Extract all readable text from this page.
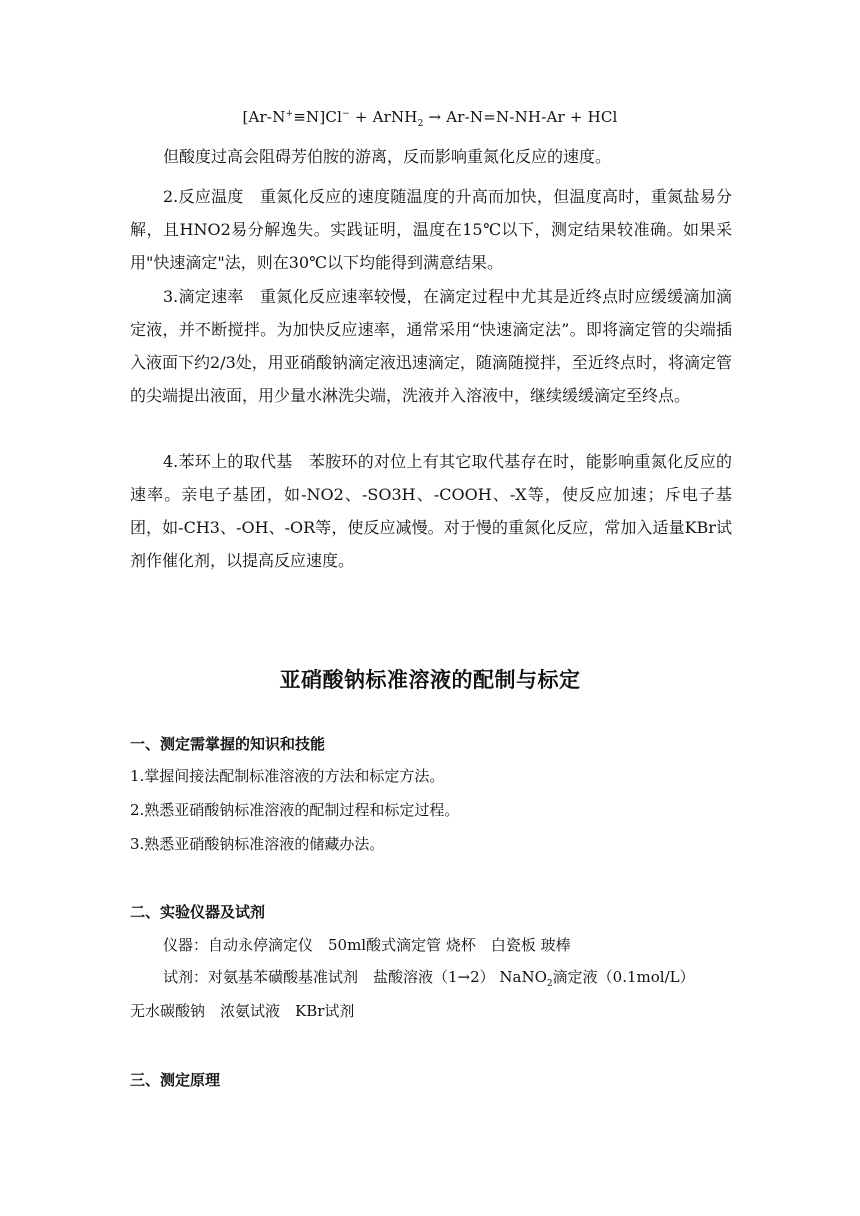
[Ar-N+≡N]Cl− + ArNH$_2$ → Ar-N=N-NH-Ar + HCl
但酸度过高会阻碍芳伯胺的游离，反而影响重氮化反应的速度。
2.反应温度 重氮化反应的速度随温度的升高而加快，但温度高时，重氮盐易分解，且HNO2易分解逸失。实践证明，温度在15℃以下，测定结果较准确。如果采用"快速滴定"法，则在30℃以下均能得到满意结果。
3.滴定速率 重氮化反应速率较慢，在滴定过程中尤其是近终点时应缓缓滴加滴定液，并不断搅拌。为加快反应速率，通常采用“快速滴定法”。即将滴定管的尖端插入液面下约2/3处，用亚硝酸钠滴定液迅速滴定，随滴随搅拌，至近终点时，将滴定管的尖端提出液面，用少量水淋洗尖端，洗液并入溶液中，继续缓缓滴定至终点。
4.苯环上的取代基 苯胺环的对位上有其它取代基存在时，能影响重氮化反应的速率。亲电子基团，如-NO2、-SO3H、-COOH、-X等，使反应加速；斥电子基团，如-CH3、-OH、-OR等，使反应减慢。对于慢的重氮化反应，常加入适量KBr试剂作催化剂，以提高反应速度。
亚硝酸钠标准溶液的配制与标定
一、测定需掌握的知识和技能
1.掌握间接法配制标准溶液的方法和标定方法。
2.熟悉亚硝酸钠标准溶液的配制过程和标定过程。
3.熟悉亚硝酸钠标准溶液的储藏办法。
二、实验仪器及试剂
仪器：自动永停滴定仪　50ml酸式滴定管 烧杯　白瓷板 玻棒
试剂：对氨基苯磺酸基准试剂　盐酸溶液（1→2） NaNO$_2$滴定液（0.1mol/L）
无水碳酸钠　浓氨试液　KBr试剂
三、测定原理
